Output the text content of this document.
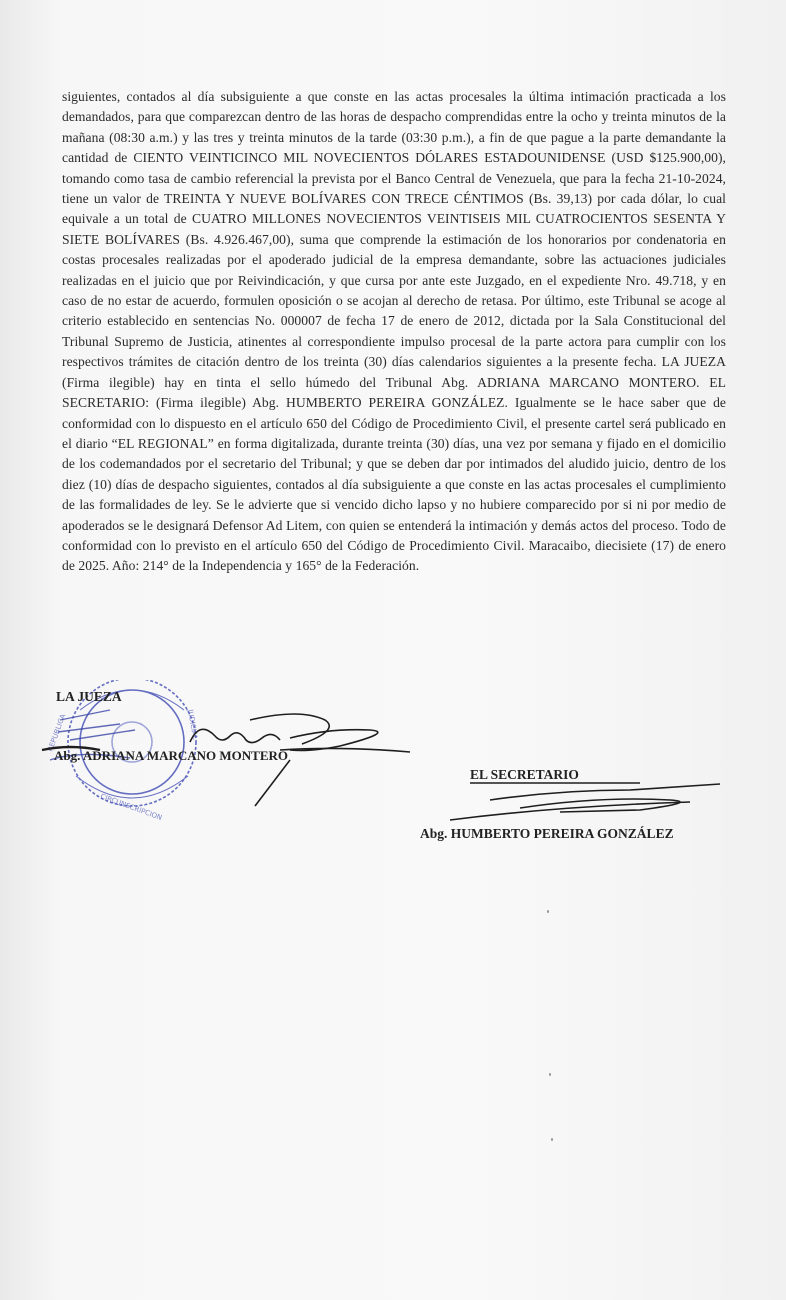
siguientes, contados al día subsiguiente a que conste en las actas procesales la última intimación practicada a los demandados, para que comparezcan dentro de las horas de despacho comprendidas entre la ocho y treinta minutos de la mañana (08:30 a.m.) y las tres y treinta minutos de la tarde (03:30 p.m.), a fin de que pague a la parte demandante la cantidad de CIENTO VEINTICINCO MIL NOVECIENTOS DÓLARES ESTADOUNIDENSE (USD $125.900,00), tomando como tasa de cambio referencial la prevista por el Banco Central de Venezuela, que para la fecha 21-10-2024, tiene un valor de TREINTA Y NUEVE BOLÍVARES CON TRECE CÉNTIMOS (Bs. 39,13) por cada dólar, lo cual equivale a un total de CUATRO MILLONES NOVECIENTOS VEINTISEIS MIL CUATROCIENTOS SESENTA Y SIETE BOLÍVARES (Bs. 4.926.467,00), suma que comprende la estimación de los honorarios por condenatoria en costas procesales realizadas por el apoderado judicial de la empresa demandante, sobre las actuaciones judiciales realizadas en el juicio que por Reivindicación, y que cursa por ante este Juzgado, en el expediente Nro. 49.718, y en caso de no estar de acuerdo, formulen oposición o se acojan al derecho de retasa. Por último, este Tribunal se acoge al criterio establecido en sentencias No. 000007 de fecha 17 de enero de 2012, dictada por la Sala Constitucional del Tribunal Supremo de Justicia, atinentes al correspondiente impulso procesal de la parte actora para cumplir con los respectivos trámites de citación dentro de los treinta (30) días calendarios siguientes a la presente fecha. LA JUEZA (Firma ilegible) hay en tinta el sello húmedo del Tribunal Abg. ADRIANA MARCANO MONTERO. EL SECRETARIO: (Firma ilegible) Abg. HUMBERTO PEREIRA GONZÁLEZ. Igualmente se le hace saber que de conformidad con lo dispuesto en el artículo 650 del Código de Procedimiento Civil, el presente cartel será publicado en el diario “EL REGIONAL” en forma digitalizada, durante treinta (30) días, una vez por semana y fijado en el domicilio de los codemandados por el secretario del Tribunal; y que se deben dar por intimados del aludido juicio, dentro de los diez (10) días de despacho siguientes, contados al día subsiguiente a que conste en las actas procesales el cumplimiento de las formalidades de ley. Se le advierte que si vencido dicho lapso y no hubiere comparecido por si ni por medio de apoderados se le designará Defensor Ad Litem, con quien se entenderá la intimación y demás actos del proceso. Todo de conformidad con lo previsto en el artículo 650 del Código de Procedimiento Civil. Maracaibo, diecisiete (17) de enero de 2025. Año: 214° de la Independencia y 165° de la Federación.

REPUBLICA
CIRCUNSCRIPCION
JUDICIAL
LA JUEZA
Abg. ADRIANA MARCANO MONTERO
EL SECRETARIO
Abg. HUMBERTO PEREIRA GONZÁLEZ
